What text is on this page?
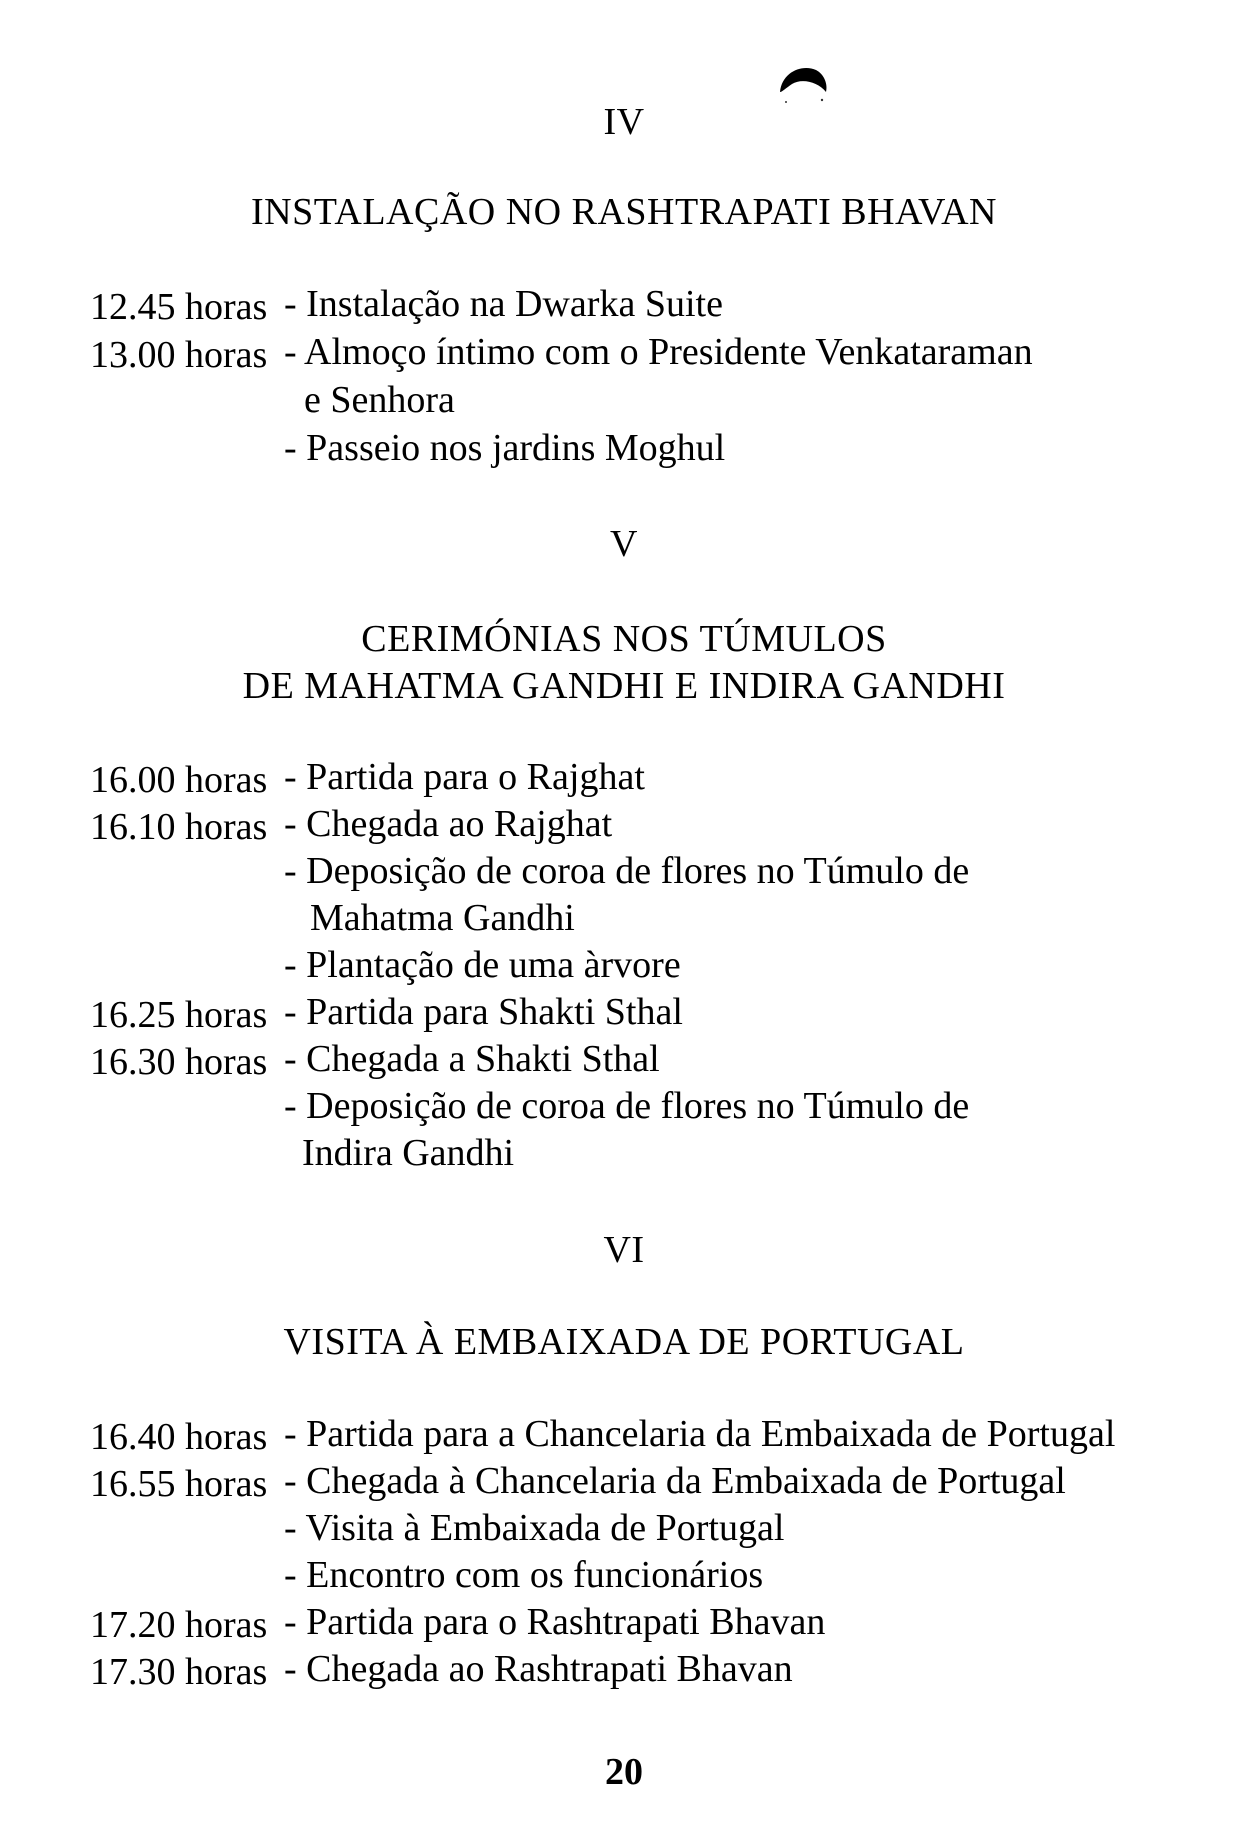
IV
INSTALAÇÃO NO RASHTRAPATI BHAVAN
12.45 horas - Instalação na Dwarka Suite
13.00 horas - Almoço íntimo com o Presidente Venkataraman
e Senhora
- Passeio nos jardins Moghul
V
CERIMÓNIAS NOS TÚMULOS
DE MAHATMA GANDHI E INDIRA GANDHI
16.00 horas - Partida para o Rajghat
16.10 horas - Chegada ao Rajghat
- Deposição de coroa de flores no Túmulo de
Mahatma Gandhi
- Plantação de uma àrvore
16.25 horas - Partida para Shakti Sthal
16.30 horas - Chegada a Shakti Sthal
- Deposição de coroa de flores no Túmulo de
Indira Gandhi
VI
VISITA À EMBAIXADA DE PORTUGAL
16.40 horas - Partida para a Chancelaria da Embaixada de Portugal
16.55 horas - Chegada à Chancelaria da Embaixada de Portugal
- Visita à Embaixada de Portugal
- Encontro com os funcionários
17.20 horas - Partida para o Rashtrapati Bhavan
17.30 horas - Chegada ao Rashtrapati Bhavan
20
